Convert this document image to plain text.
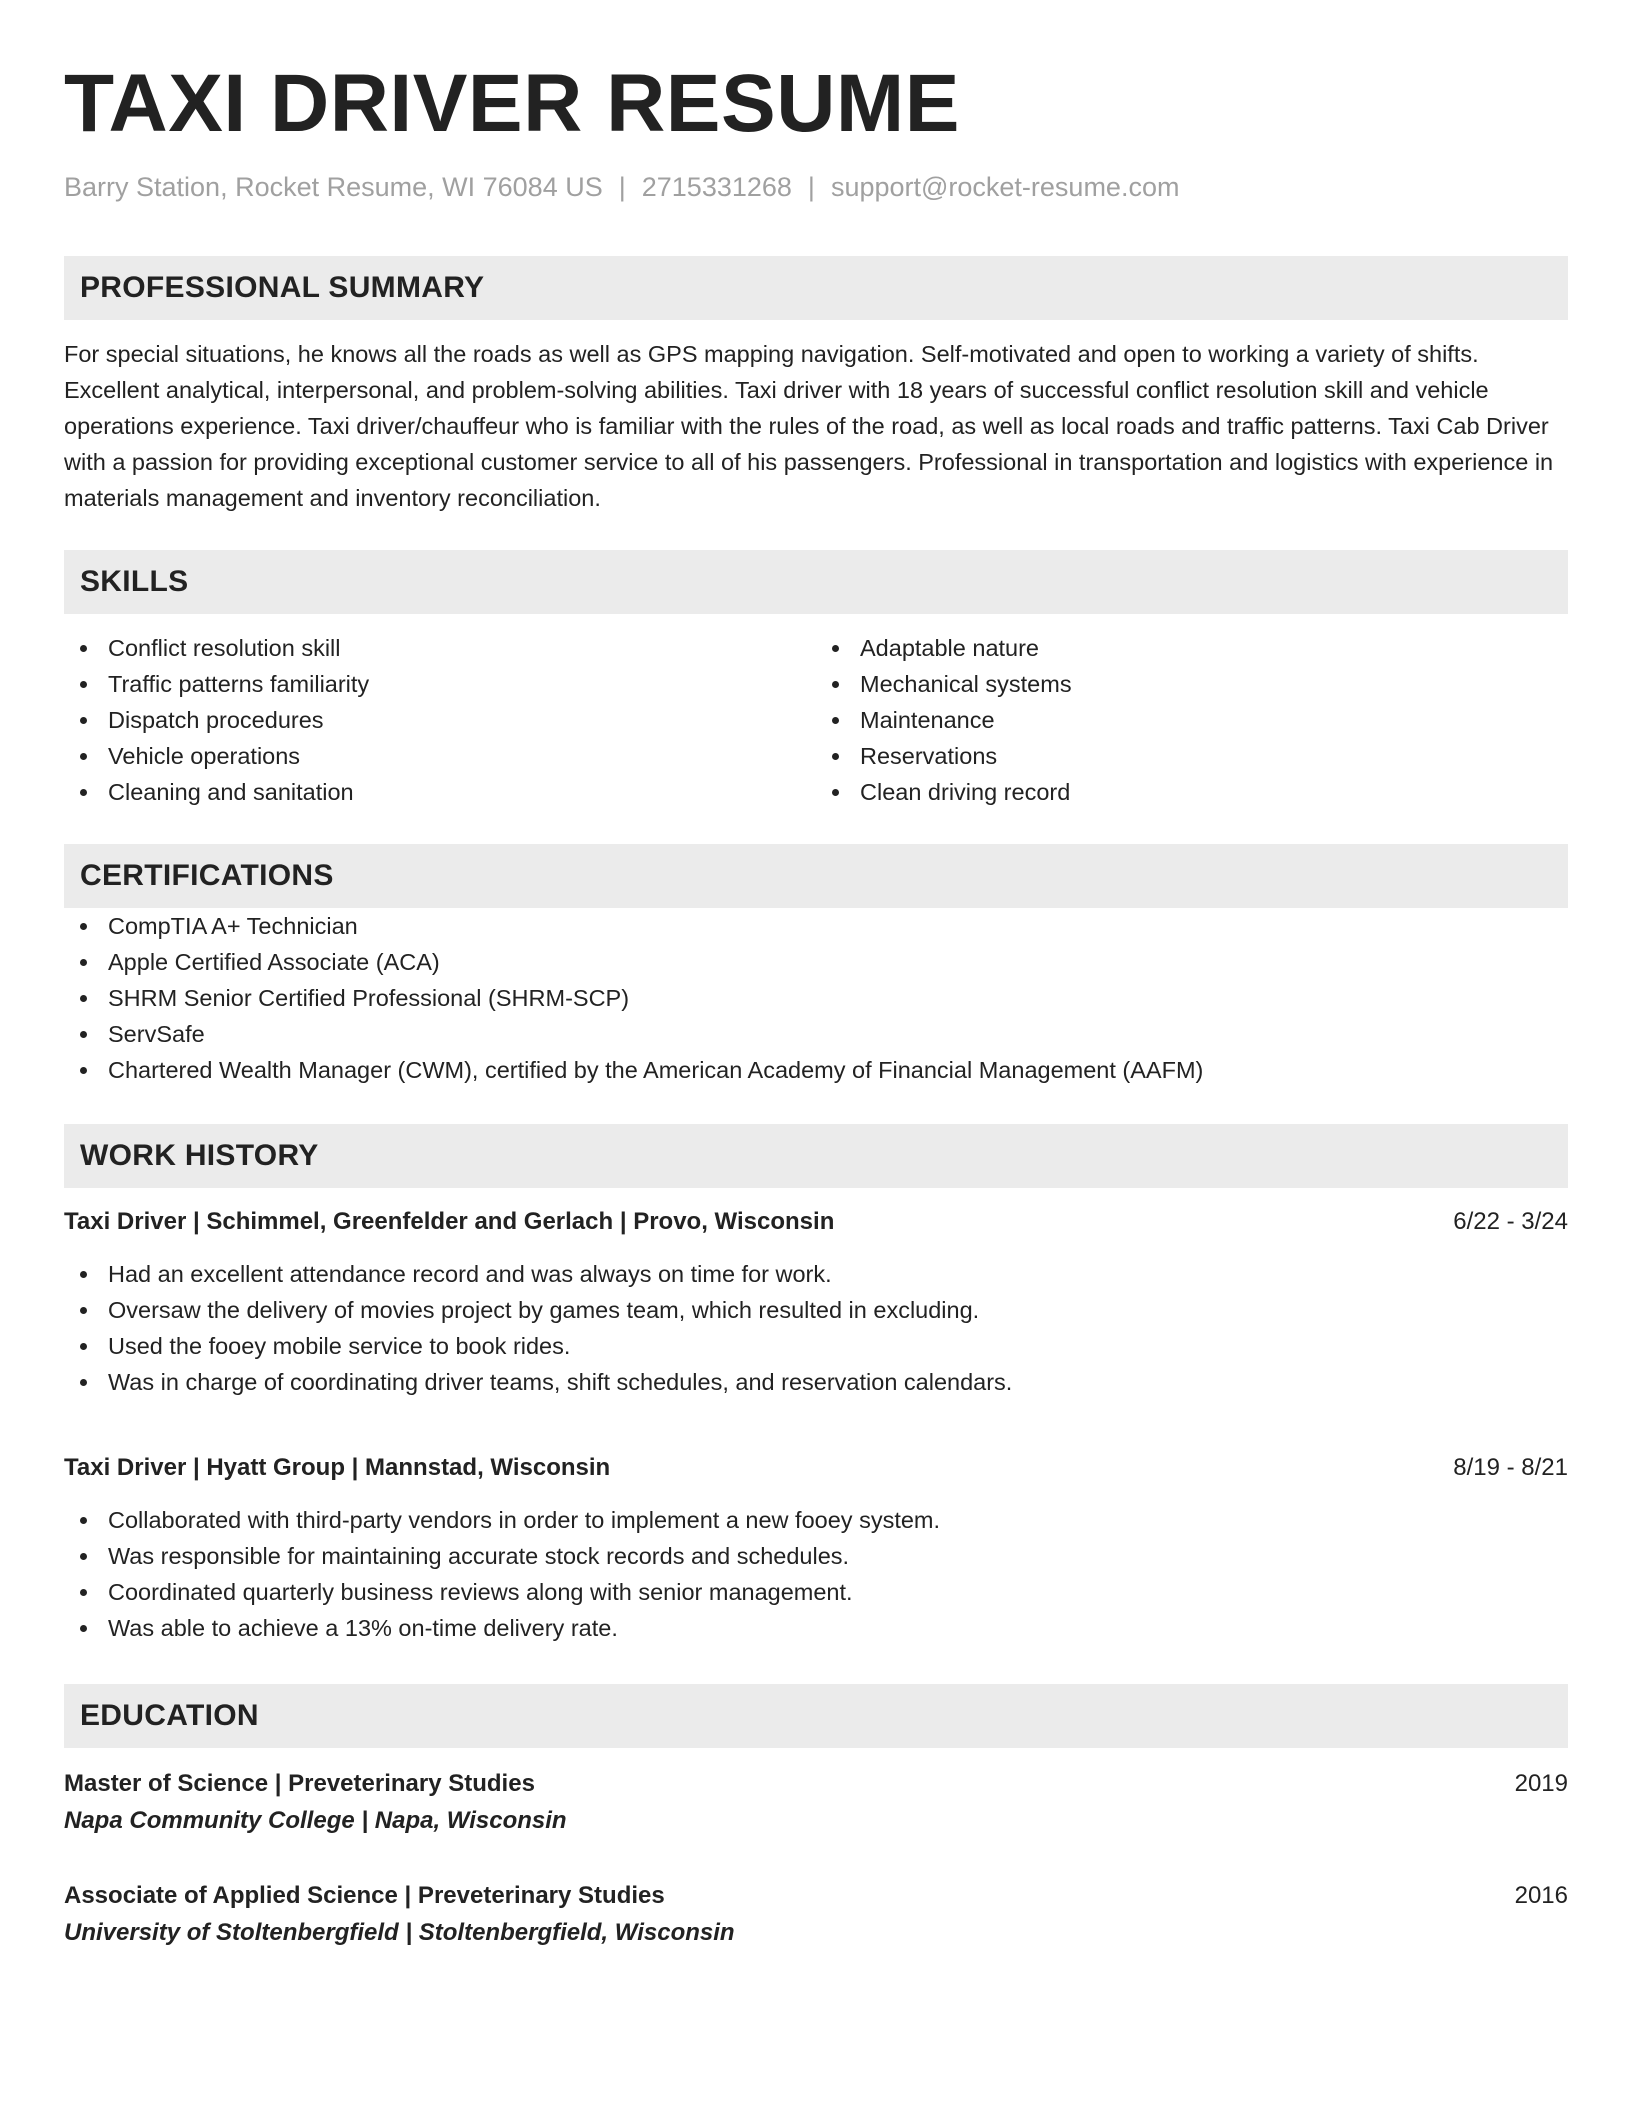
TAXI DRIVER RESUME
Barry Station, Rocket Resume, WI 76084 US | 2715331268 | support@rocket-resume.com
PROFESSIONAL SUMMARY
For special situations, he knows all the roads as well as GPS mapping navigation. Self-motivated and open to working a variety of shifts. Excellent analytical, interpersonal, and problem-solving abilities. Taxi driver with 18 years of successful conflict resolution skill and vehicle operations experience. Taxi driver/chauffeur who is familiar with the rules of the road, as well as local roads and traffic patterns. Taxi Cab Driver with a passion for providing exceptional customer service to all of his passengers. Professional in transportation and logistics with experience in materials management and inventory reconciliation.
SKILLS
Conflict resolution skill
Traffic patterns familiarity
Dispatch procedures
Vehicle operations
Cleaning and sanitation
Adaptable nature
Mechanical systems
Maintenance
Reservations
Clean driving record
CERTIFICATIONS
CompTIA A+ Technician
Apple Certified Associate (ACA)
SHRM Senior Certified Professional (SHRM-SCP)
ServSafe
Chartered Wealth Manager (CWM), certified by the American Academy of Financial Management (AAFM)
WORK HISTORY
Taxi Driver | Schimmel, Greenfelder and Gerlach | Provo, Wisconsin	6/22 - 3/24
Had an excellent attendance record and was always on time for work.
Oversaw the delivery of movies project by games team, which resulted in excluding.
Used the fooey mobile service to book rides.
Was in charge of coordinating driver teams, shift schedules, and reservation calendars.
Taxi Driver | Hyatt Group | Mannstad, Wisconsin	8/19 - 8/21
Collaborated with third-party vendors in order to implement a new fooey system.
Was responsible for maintaining accurate stock records and schedules.
Coordinated quarterly business reviews along with senior management.
Was able to achieve a 13% on-time delivery rate.
EDUCATION
Master of Science | Preveterinary Studies	2019
Napa Community College | Napa, Wisconsin
Associate of Applied Science | Preveterinary Studies	2016
University of Stoltenbergfield | Stoltenbergfield, Wisconsin
